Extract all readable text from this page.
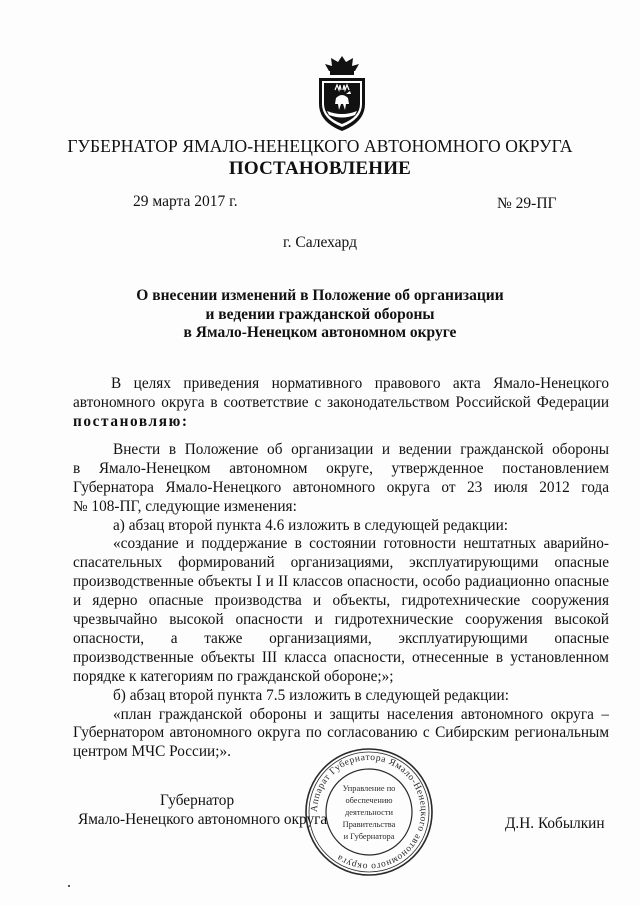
ГУБЕРНАТОР ЯМАЛО-НЕНЕЦКОГО АВТОНОМНОГО ОКРУГА
ПОСТАНОВЛЕНИЕ
29 марта 2017 г.	№ 29-ПГ
г. Салехард
О внесении изменений в Положение об организации
и ведении гражданской обороны
в Ямало-Ненецком автономном округе
В целях приведения нормативного правового акта Ямало-Ненецкого
автономного округа в соответствие с законодательством Российской Федерации
постановляю:
Внести в Положение об организации и ведении гражданской обороны
в Ямало-Ненецком автономном округе, утвержденное постановлением
Губернатора Ямало-Ненецкого автономного округа от 23 июля 2012 года
№ 108-ПГ, следующие изменения:
а) абзац второй пункта 4.6 изложить в следующей редакции:
«создание и поддержание в состоянии готовности нештатных аварийно-
спасательных формирований организациями, эксплуатирующими опасные
производственные объекты I и II классов опасности, особо радиационно опасные
и ядерно опасные производства и объекты, гидротехнические сооружения
чрезвычайно высокой опасности и гидротехнические сооружения высокой
опасности, а также организациями, эксплуатирующими опасные
производственные объекты III класса опасности, отнесенные в установленном
порядке к категориям по гражданской обороне;»;
б) абзац второй пункта 7.5 изложить в следующей редакции:
«план гражданской обороны и защиты населения автономного округа –
Губернатором автономного округа по согласованию с Сибирским региональным
центром МЧС России;».
Губернатор
Ямало-Ненецкого автономного округа	Д.Н. Кобылкин
Аппарат Губернатора Ямало-Ненецкого автономного округа
Управление по
обеспечению
деятельности
Правительства
и Губернатора
